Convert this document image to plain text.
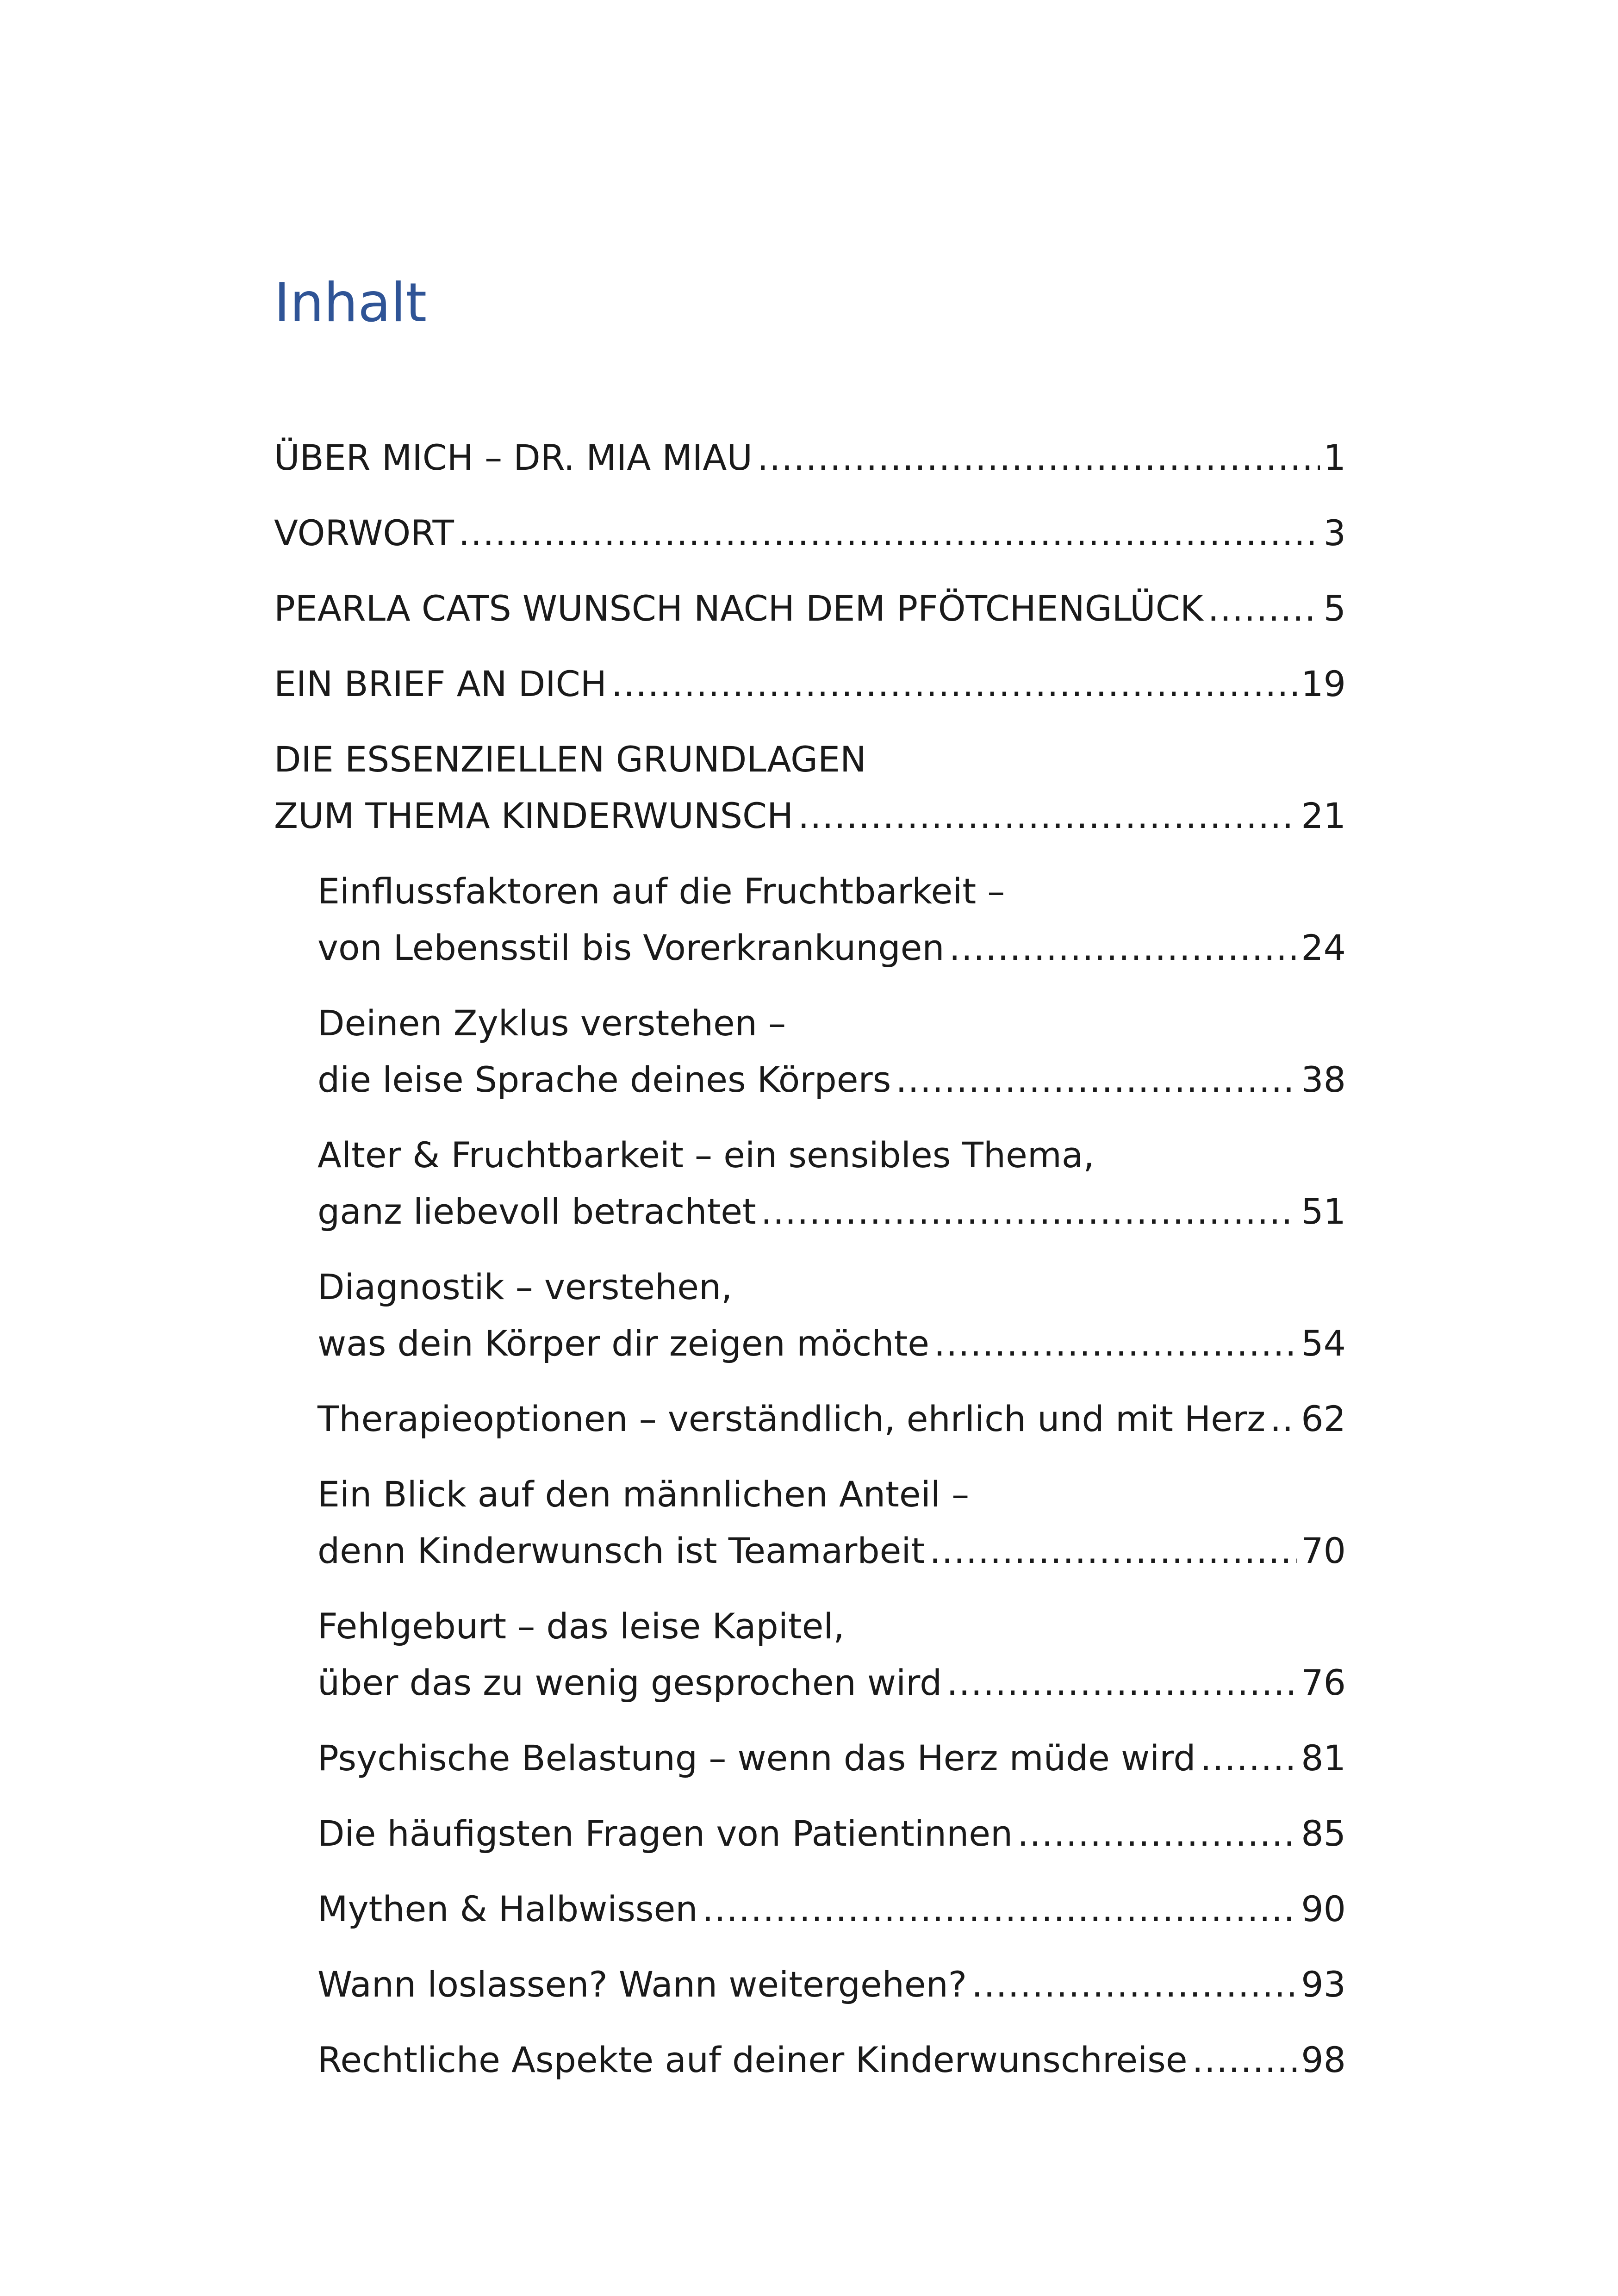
Inhalt
ÜBER MICH – DR. MIA MIAU .....	1
VORWORT .....	3
PEARLA CATS WUNSCH NACH DEM PFÖTCHENGLÜCK .....	5
EIN BRIEF AN DICH .....	19
DIE ESSENZIELLEN GRUNDLAGEN
ZUM THEMA KINDERWUNSCH .....	21
Einflussfaktoren auf die Fruchtbarkeit –
von Lebensstil bis Vorerkrankungen .....	24
Deinen Zyklus verstehen –
die leise Sprache deines Körpers .....	38
Alter & Fruchtbarkeit – ein sensibles Thema,
ganz liebevoll betrachtet .....	51
Diagnostik – verstehen,
was dein Körper dir zeigen möchte .....	54
Therapieoptionen – verständlich, ehrlich und mit Herz ..... 62
Ein Blick auf den männlichen Anteil –
denn Kinderwunsch ist Teamarbeit .....	70
Fehlgeburt – das leise Kapitel,
über das zu wenig gesprochen wird .....	76
Psychische Belastung – wenn das Herz müde wird .....	81
Die häufigsten Fragen von Patientinnen .....	85
Mythen & Halbwissen .....	90
Wann loslassen? Wann weitergehen? .....	93
Rechtliche Aspekte auf deiner Kinderwunschreise .....	98
